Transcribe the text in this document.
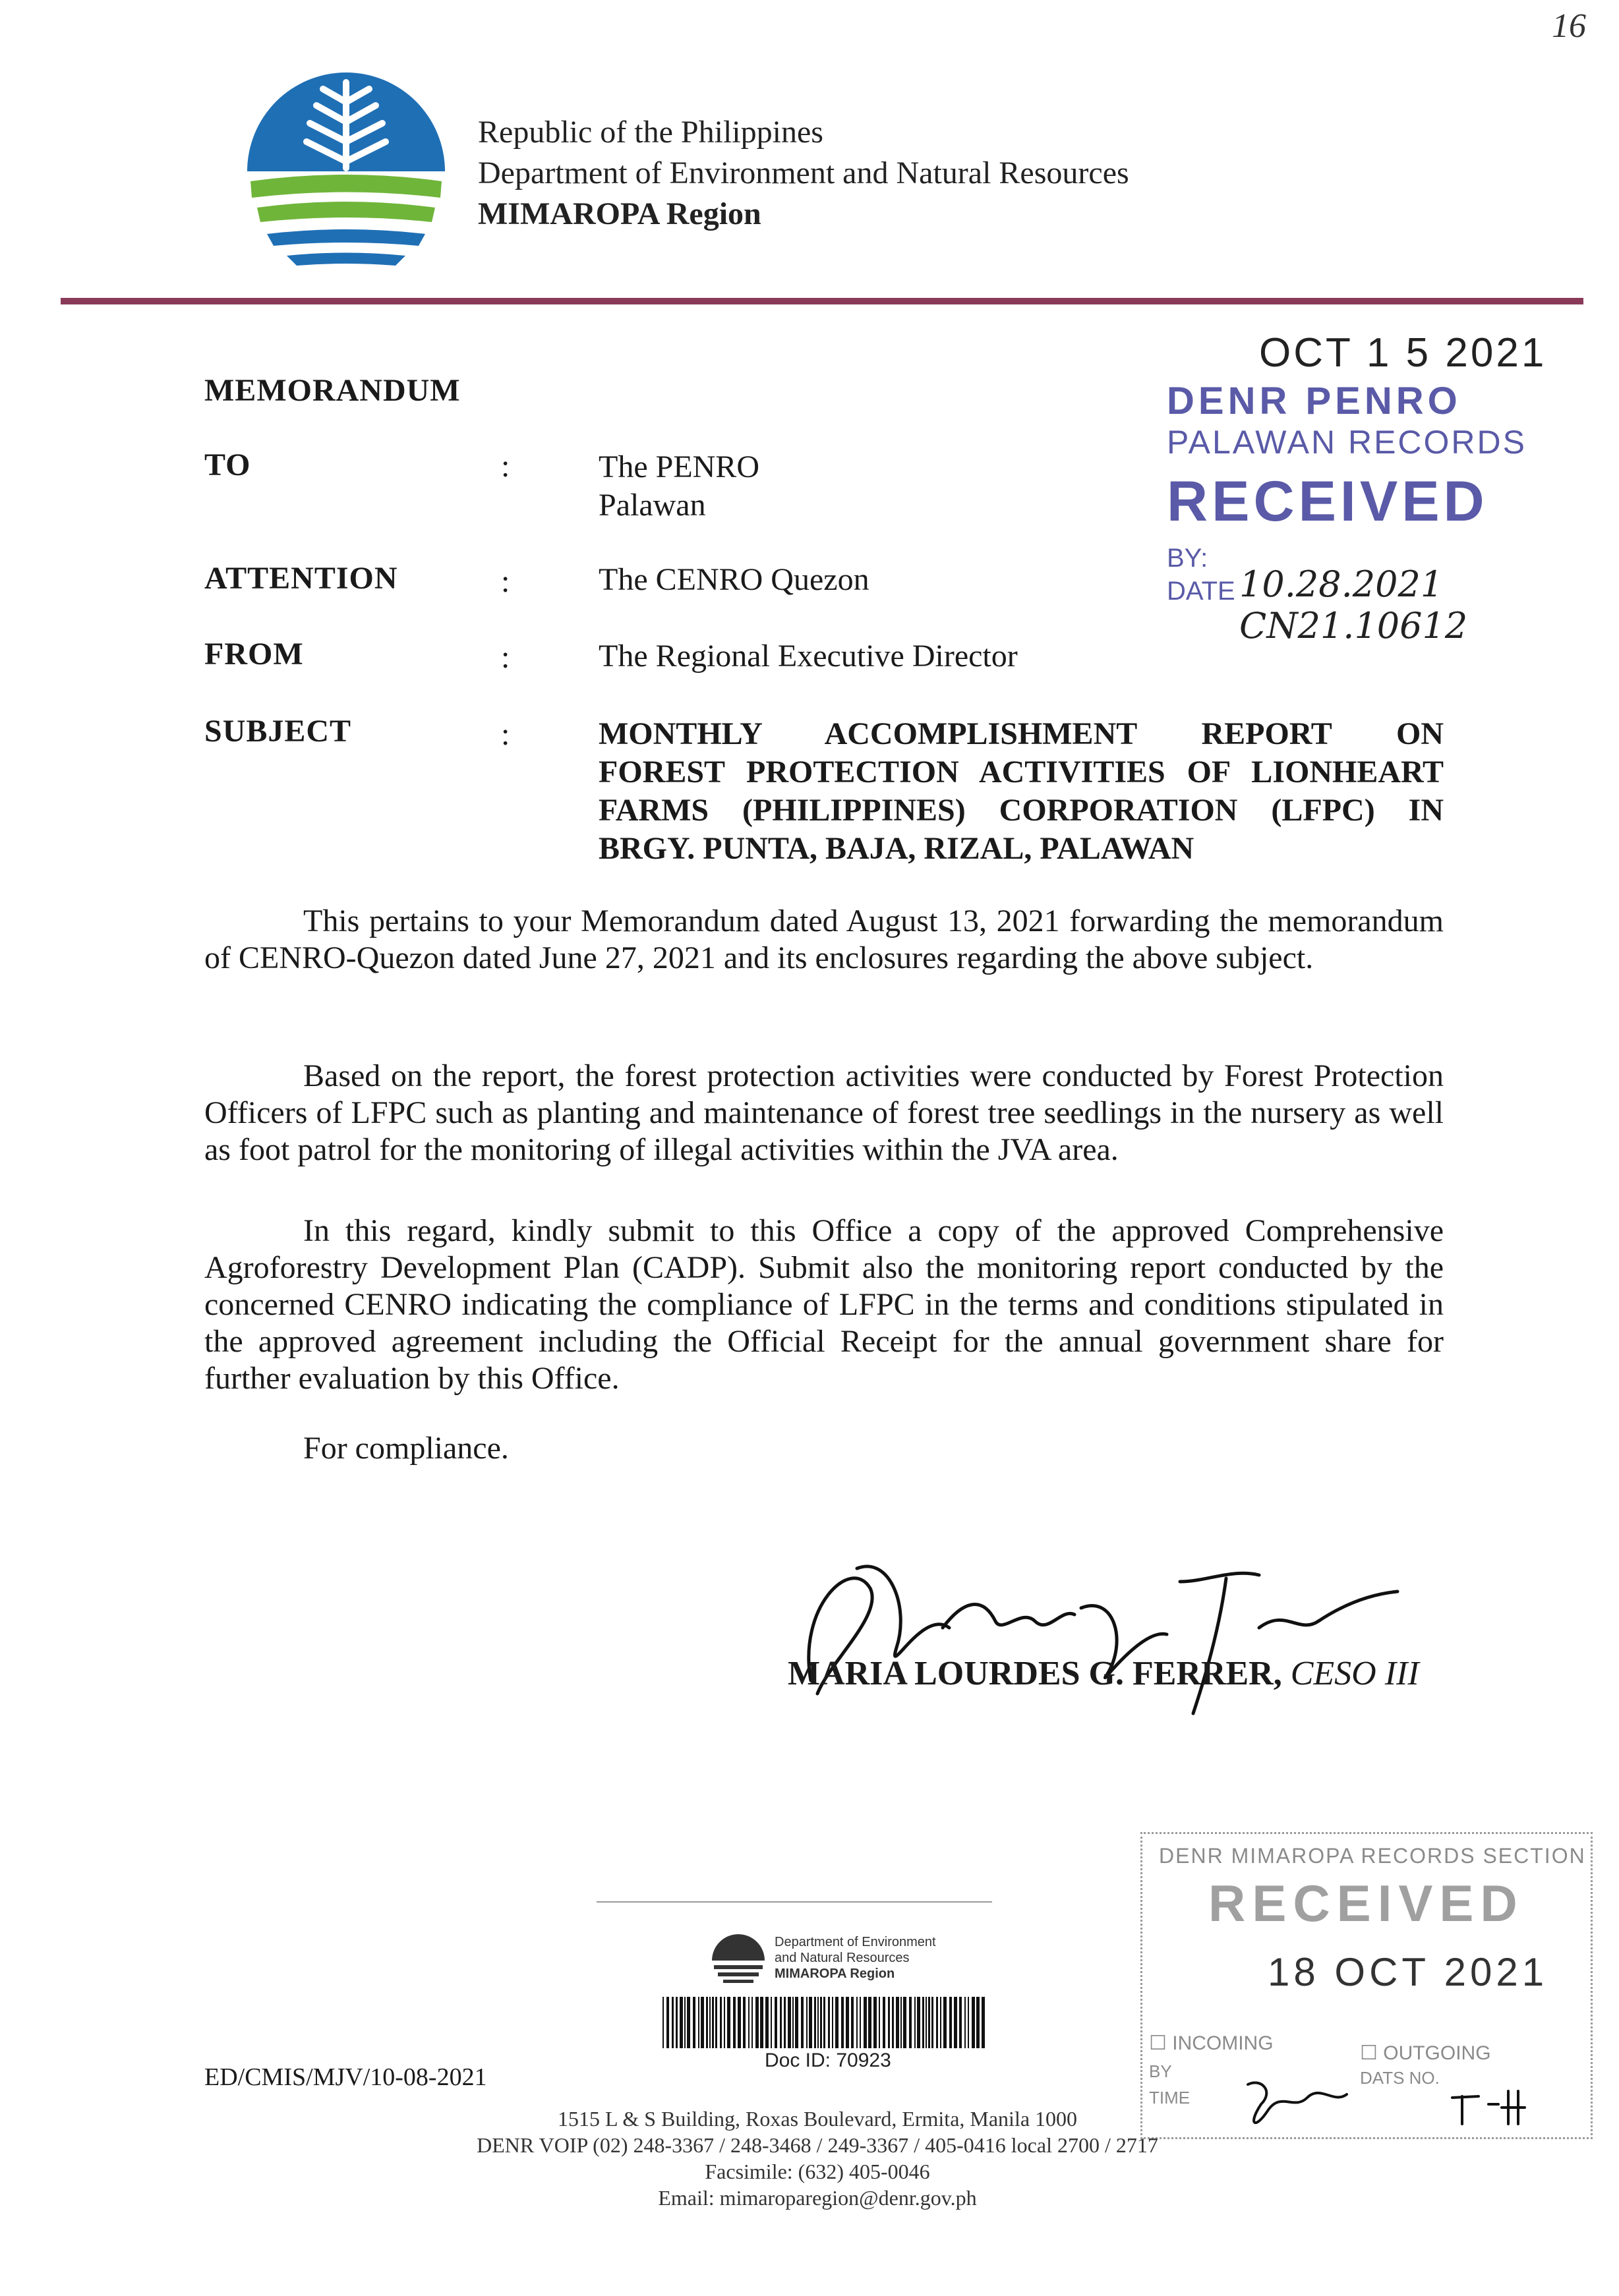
16
Republic of the Philippines
Department of Environment and Natural Resources
MIMAROPA Region
MEMORANDUM
TO	:	The PENRO
Palawan
ATTENTION	:	The CENRO Quezon
FROM	:	The Regional Executive Director
SUBJECT	:	MONTHLY ACCOMPLISHMENT REPORT ON
FOREST PROTECTION ACTIVITIES OF LIONHEART
FARMS (PHILIPPINES) CORPORATION (LFPC) IN
BRGY. PUNTA, BAJA, RIZAL, PALAWAN
This pertains to your Memorandum dated August 13, 2021 forwarding the memorandum of CENRO-Quezon dated June 27, 2021 and its enclosures regarding the above subject.
Based on the report, the forest protection activities were conducted by Forest Protection Officers of LFPC such as planting and maintenance of forest tree seedlings in the nursery as well as foot patrol for the monitoring of illegal activities within the JVA area.
In this regard, kindly submit to this Office a copy of the approved Comprehensive Agroforestry Development Plan (CADP). Submit also the monitoring report conducted by the concerned CENRO indicating the compliance of LFPC in the terms and conditions stipulated in the approved agreement including the Official Receipt for the annual government share for further evaluation by this Office.
For compliance.
OCT 1 5 2021
DENR PENRO
PALAWAN RECORDS
RECEIVED
BY:
DATE 10.28.2021 CN21.10612
MARIA LOURDES G. FERRER, CESO III
Department of Environment
and Natural Resources
MIMAROPA Region
Doc ID: 70923
DENR MIMAROPA RECORDS SECTION
RECEIVED
18 OCT 2021
☐ INCOMING	☐ OUTGOING
BY	DATS NO.
TIME
ED/CMIS/MJV/10-08-2021
1515 L & S Building, Roxas Boulevard, Ermita, Manila 1000
DENR VOIP (02) 248-3367 / 248-3468 / 249-3367 / 405-0416 local 2700 / 2717
Facsimile: (632) 405-0046
Email: mimaroparegion@denr.gov.ph
